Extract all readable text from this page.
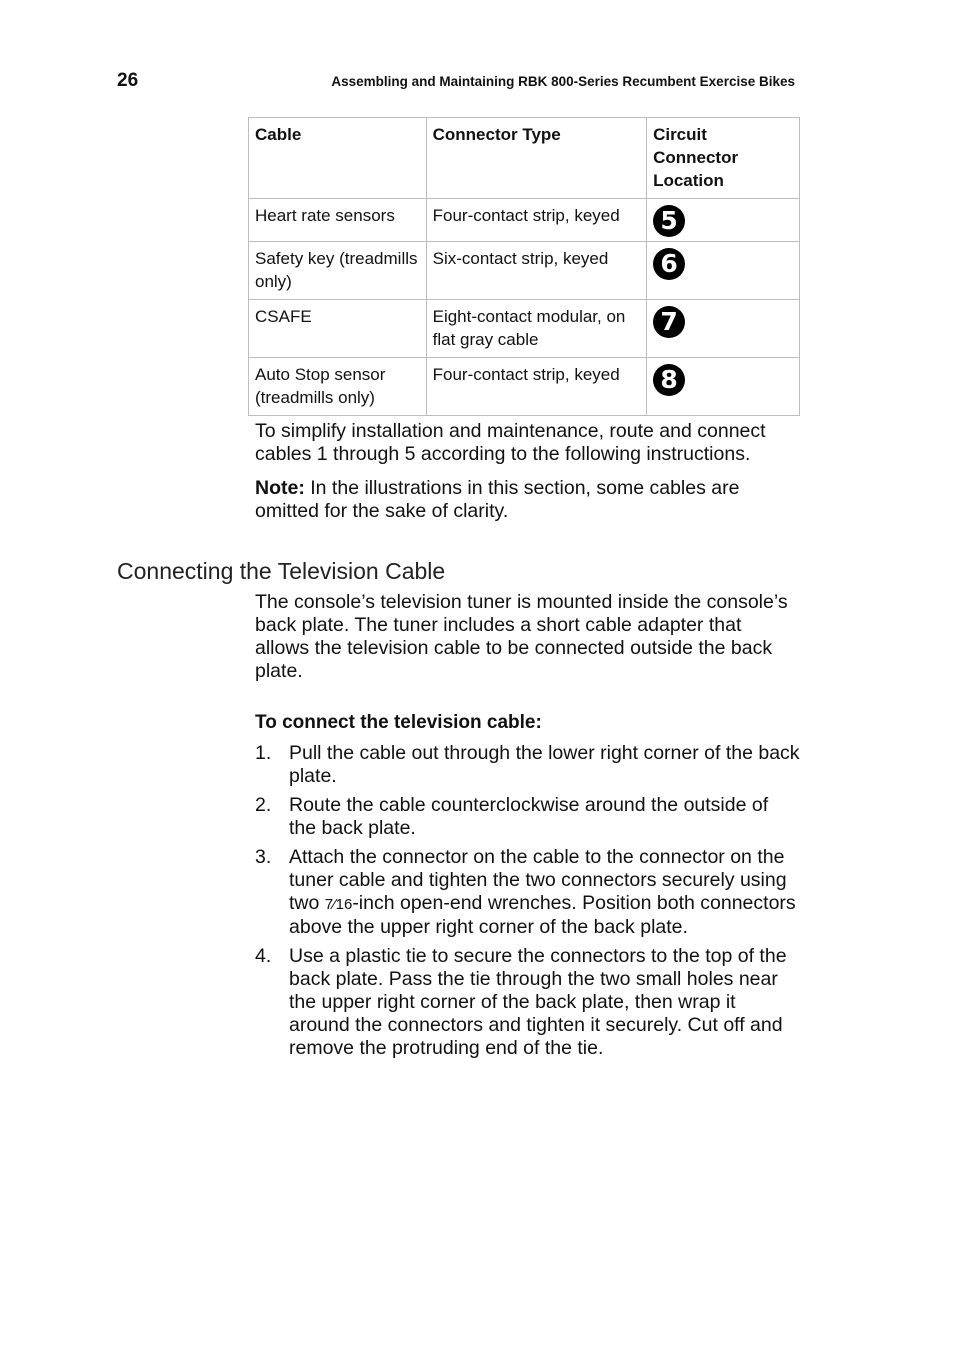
26	Assembling and Maintaining RBK 800-Series Recumbent Exercise Bikes
Cable	Connector Type	Circuit Connector Location
Heart rate sensors	Four-contact strip, keyed	5
Safety key (treadmills only)	Six-contact strip, keyed	6
CSAFE	Eight-contact modular, on flat gray cable	7
Auto Stop sensor (treadmills only)	Four-contact strip, keyed	8

To simplify installation and maintenance, route and connect cables 1 through 5 according to the following instructions.

Note: In the illustrations in this section, some cables are omitted for the sake of clarity.

Connecting the Television Cable

The console’s television tuner is mounted inside the console’s back plate. The tuner includes a short cable adapter that allows the television cable to be connected outside the back plate.

To connect the television cable:
1. Pull the cable out through the lower right corner of the back plate.
2. Route the cable counterclockwise around the outside of the back plate.
3. Attach the connector on the cable to the connector on the tuner cable and tighten the two connectors securely using two 7⁄16-inch open-end wrenches. Position both connectors above the upper right corner of the back plate.
4. Use a plastic tie to secure the connectors to the top of the back plate. Pass the tie through the two small holes near the upper right corner of the back plate, then wrap it around the connectors and tighten it securely. Cut off and remove the protruding end of the tie.
